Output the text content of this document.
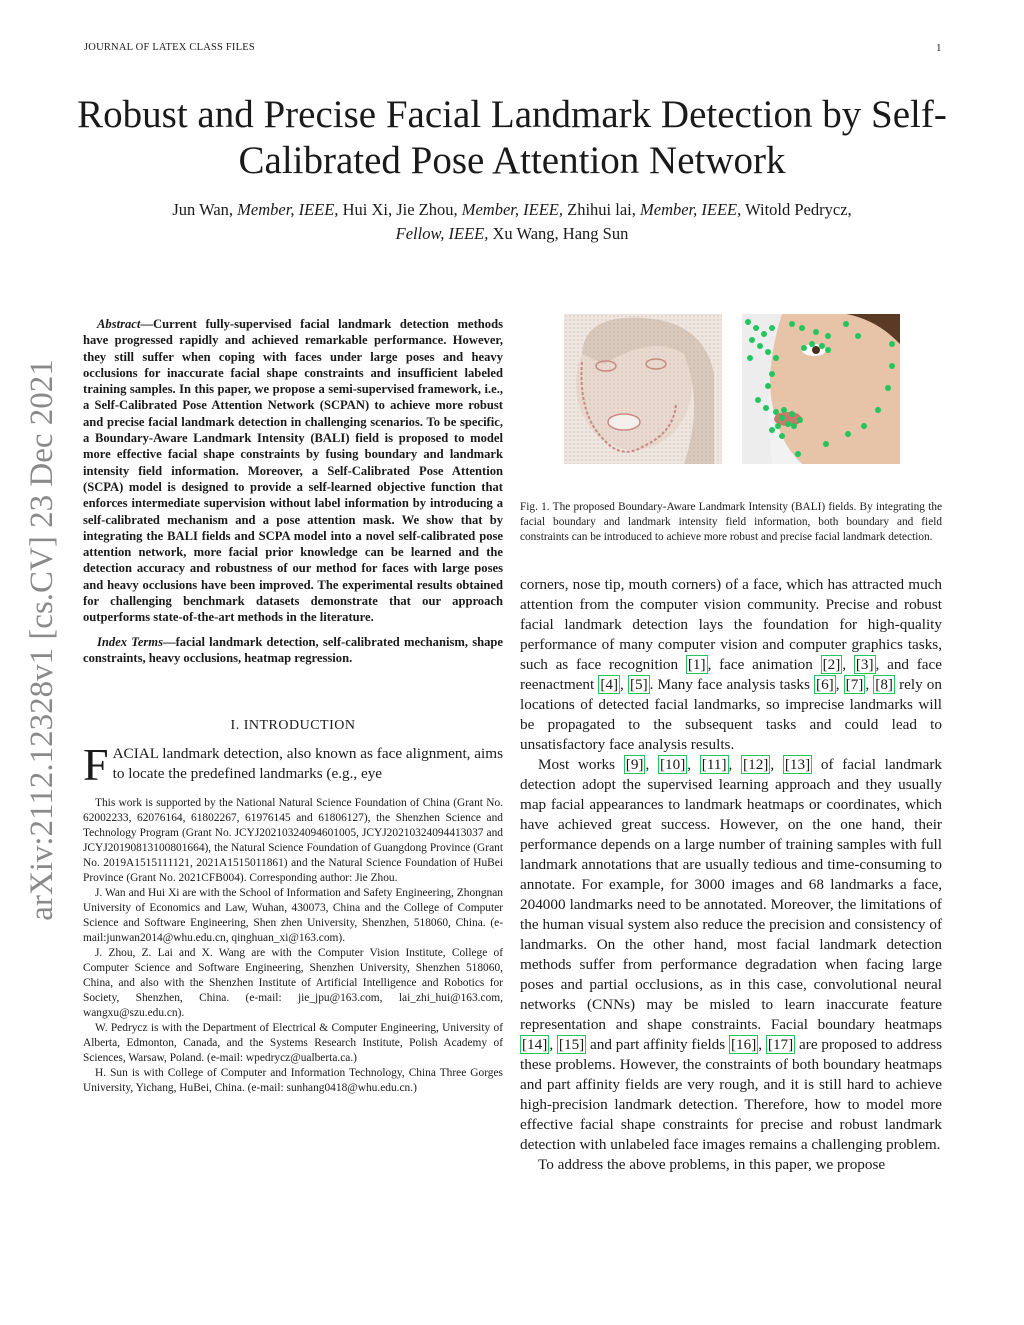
JOURNAL OF LATEX CLASS FILES	1
Robust and Precise Facial Landmark Detection by Self-Calibrated Pose Attention Network
Jun Wan, Member, IEEE, Hui Xi, Jie Zhou, Member, IEEE, Zhihui lai, Member, IEEE, Witold Pedrycz,
Fellow, IEEE, Xu Wang, Hang Sun
arXiv:2112.12328v1 [cs.CV] 23 Dec 2021

Abstract—Current fully-supervised facial landmark detection methods have progressed rapidly and achieved remarkable performance. However, they still suffer when coping with faces under large poses and heavy occlusions for inaccurate facial shape constraints and insufficient labeled training samples. In this paper, we propose a semi-supervised framework, i.e., a Self-Calibrated Pose Attention Network (SCPAN) to achieve more robust and precise facial landmark detection in challenging scenarios. To be specific, a Boundary-Aware Landmark Intensity (BALI) field is proposed to model more effective facial shape constraints by fusing boundary and landmark intensity field information. Moreover, a Self-Calibrated Pose Attention (SCPA) model is designed to provide a self-learned objective function that enforces intermediate supervision without label information by introducing a self-calibrated mechanism and a pose attention mask. We show that by integrating the BALI fields and SCPA model into a novel self-calibrated pose attention network, more facial prior knowledge can be learned and the detection accuracy and robustness of our method for faces with large poses and heavy occlusions have been improved. The experimental results obtained for challenging benchmark datasets demonstrate that our approach outperforms state-of-the-art methods in the literature.

Index Terms—facial landmark detection, self-calibrated mechanism, shape constraints, heavy occlusions, heatmap regression.

I. INTRODUCTION

FACIAL landmark detection, also known as face alignment, aims to locate the predefined landmarks (e.g., eye

This work is supported by the National Natural Science Foundation of China (Grant No. 62002233, 62076164, 61802267, 61976145 and 61806127), the Shenzhen Science and Technology Program (Grant No. JCYJ20210324094601005, JCYJ20210324094413037 and JCYJ20190813100801664), the Natural Science Foundation of Guangdong Province (Grant No. 2019A1515111121, 2021A1515011861) and the Natural Science Foundation of HuBei Province (Grant No. 2021CFB004). Corresponding author: Jie Zhou.

J. Wan and Hui Xi are with the School of Information and Safety Engineering, Zhongnan University of Economics and Law, Wuhan, 430073, China and the College of Computer Science and Software Engineering, Shen zhen University, Shenzhen, 518060, China. (e-mail:junwan2014@whu.edu.cn, qinghuan_xi@163.com).

J. Zhou, Z. Lai and X. Wang are with the Computer Vision Institute, College of Computer Science and Software Engineering, Shenzhen University, Shenzhen 518060, China, and also with the Shenzhen Institute of Artificial Intelligence and Robotics for Society, Shenzhen, China. (e-mail: jie_jpu@163.com, lai_zhi_hui@163.com, wangxu@szu.edu.cn).

W. Pedrycz is with the Department of Electrical & Computer Engineering, University of Alberta, Edmonton, Canada, and the Systems Research Institute, Polish Academy of Sciences, Warsaw, Poland. (e-mail: wpedrycz@ualberta.ca.)

H. Sun is with College of Computer and Information Technology, China Three Gorges University, Yichang, HuBei, China. (e-mail: sunhang0418@whu.edu.cn.)

Fig. 1. The proposed Boundary-Aware Landmark Intensity (BALI) fields. By integrating the facial boundary and landmark intensity field information, both boundary and field constraints can be introduced to achieve more robust and precise facial landmark detection.

corners, nose tip, mouth corners) of a face, which has attracted much attention from the computer vision community. Precise and robust facial landmark detection lays the foundation for high-quality performance of many computer vision and computer graphics tasks, such as face recognition [1] , face animation [2] , [3] , and face reenactment [4] , [5] . Many face analysis tasks [6] , [7] , [8] rely on locations of detected facial landmarks, so imprecise landmarks will be propagated to the subsequent tasks and could lead to unsatisfactory face analysis results.

Most works [9] , [10] , [11] , [12] , [13] of facial landmark detection adopt the supervised learning approach and they usually map facial appearances to landmark heatmaps or coordinates, which have achieved great success. However, on the one hand, their performance depends on a large number of training samples with full landmark annotations that are usually tedious and time-consuming to annotate. For example, for 3000 images and 68 landmarks a face, 204000 landmarks need to be annotated. Moreover, the limitations of the human visual system also reduce the precision and consistency of landmarks. On the other hand, most facial landmark detection methods suffer from performance degradation when facing large poses and partial occlusions, as in this case, convolutional neural networks (CNNs) may be misled to learn inaccurate feature representation and shape constraints. Facial boundary heatmaps [14] , [15] and part affinity fields [16] , [17] are proposed to address these problems. However, the constraints of both boundary heatmaps and part affinity fields are very rough, and it is still hard to achieve high-precision landmark detection. Therefore, how to model more effective facial shape constraints for precise and robust landmark detection with unlabeled face images remains a challenging problem.

To address the above problems, in this paper, we propose
